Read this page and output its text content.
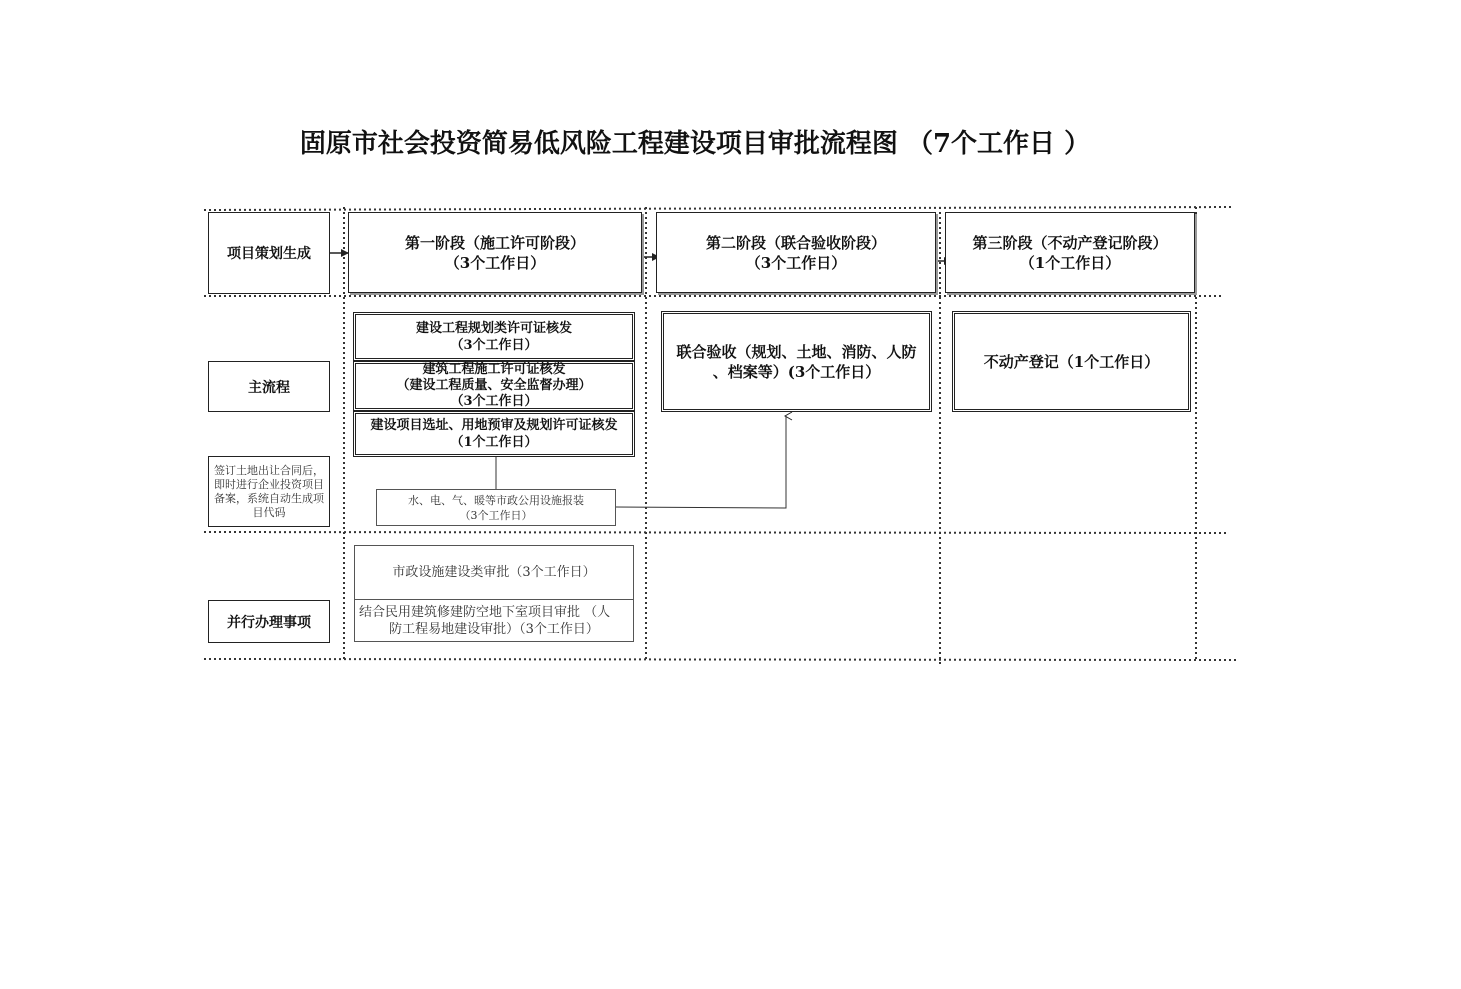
固原市社会投资简易低风险工程建设项目审批流程图 （7个工作日 ）
项目策划生成
主流程
签订土地出让合同后，即时进行企业投资项目备案，系统自动生成项目代码
并行办理事项
第一阶段（施工许可阶段）
（3个工作日）
第二阶段（联合验收阶段）
（3个工作日）
第三阶段（不动产登记阶段）
（1个工作日）
建设工程规划类许可证核发
（3个工作日）
建筑工程施工许可证核发
（建设工程质量、安全监督办理）
（3个工作日）
建设项目选址、用地预审及规划许可证核发
（1个工作日）
水、电、气、暖等市政公用设施报装
（3个工作日）
联合验收（规划、土地、消防、人防
、档案等）(3个工作日）
不动产登记（1个工作日）
市政设施建设类审批（3个工作日）
结合民用建筑修建防空地下室项目审批 （人
防工程易地建设审批）（3个工作日）
